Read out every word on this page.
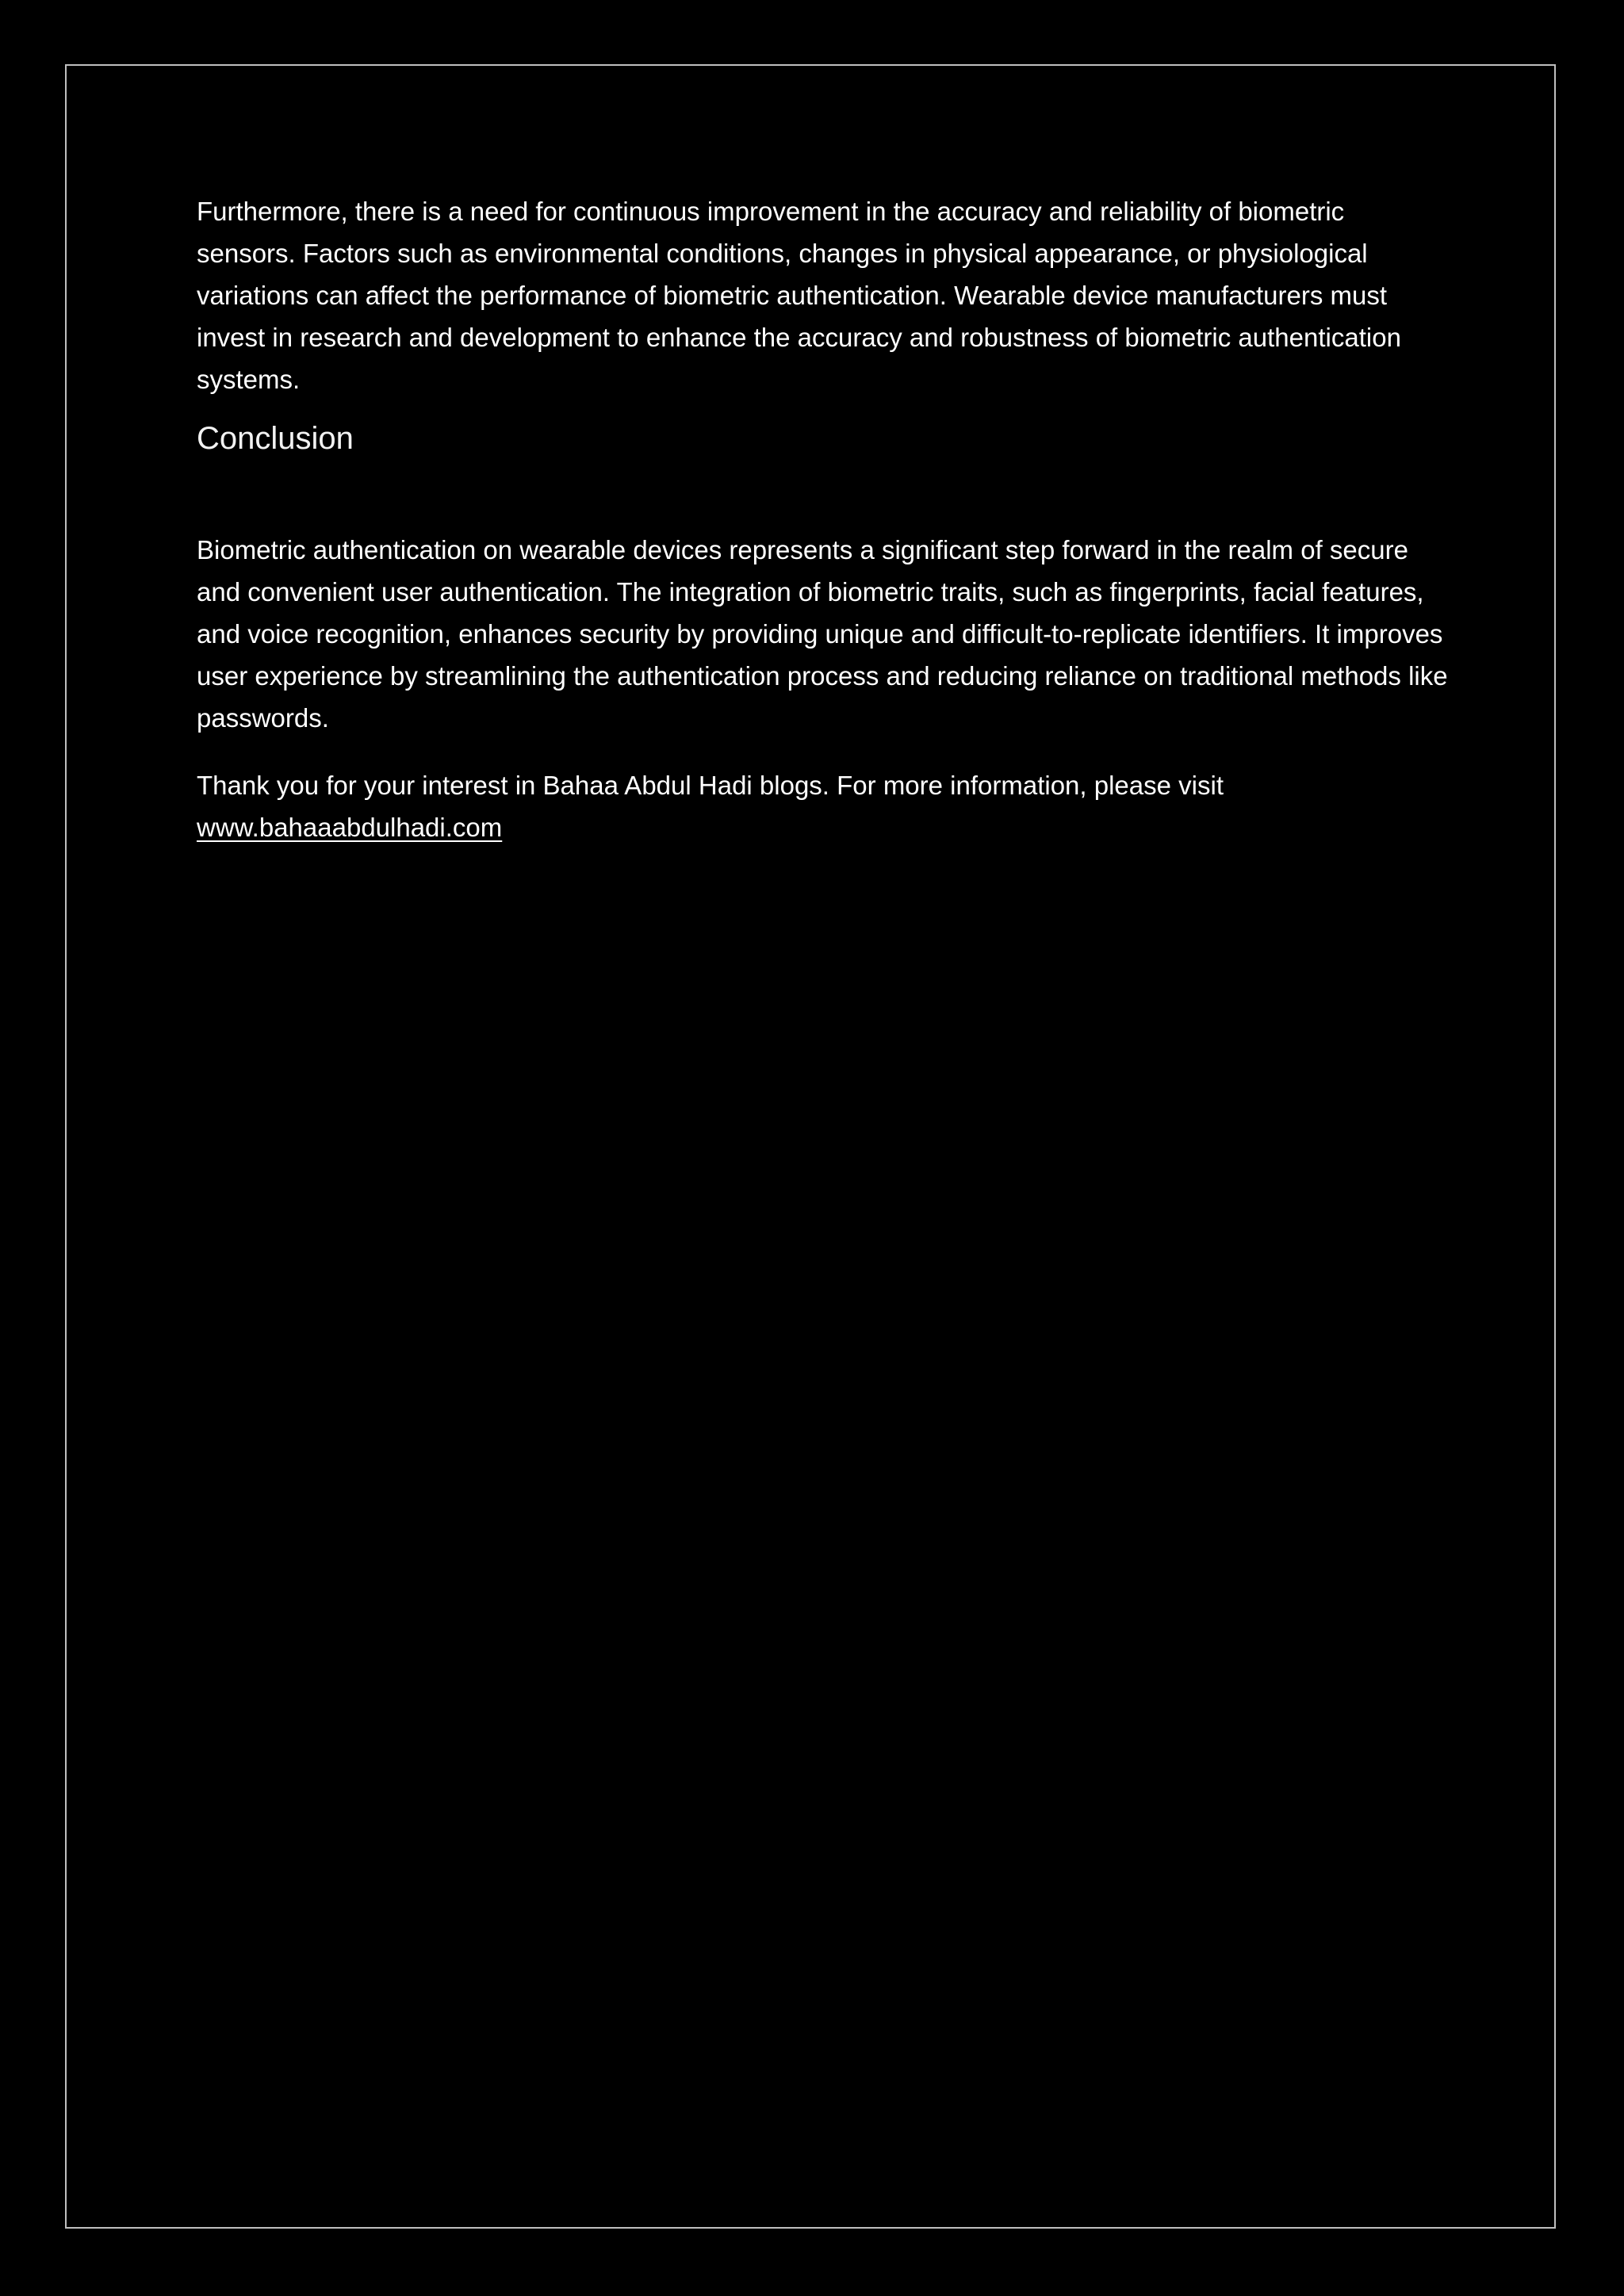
Furthermore, there is a need for continuous improvement in the accuracy and reliability of biometric sensors. Factors such as environmental conditions, changes in physical appearance, or physiological variations can affect the performance of biometric authentication. Wearable device manufacturers must invest in research and development to enhance the accuracy and robustness of biometric authentication systems.

Conclusion

Biometric authentication on wearable devices represents a significant step forward in the realm of secure and convenient user authentication. The integration of biometric traits, such as fingerprints, facial features, and voice recognition, enhances security by providing unique and difficult-to-replicate identifiers. It improves user experience by streamlining the authentication process and reducing reliance on traditional methods like passwords.

Thank you for your interest in Bahaa Abdul Hadi blogs. For more information, please visit
www.bahaaabdulhadi.com
